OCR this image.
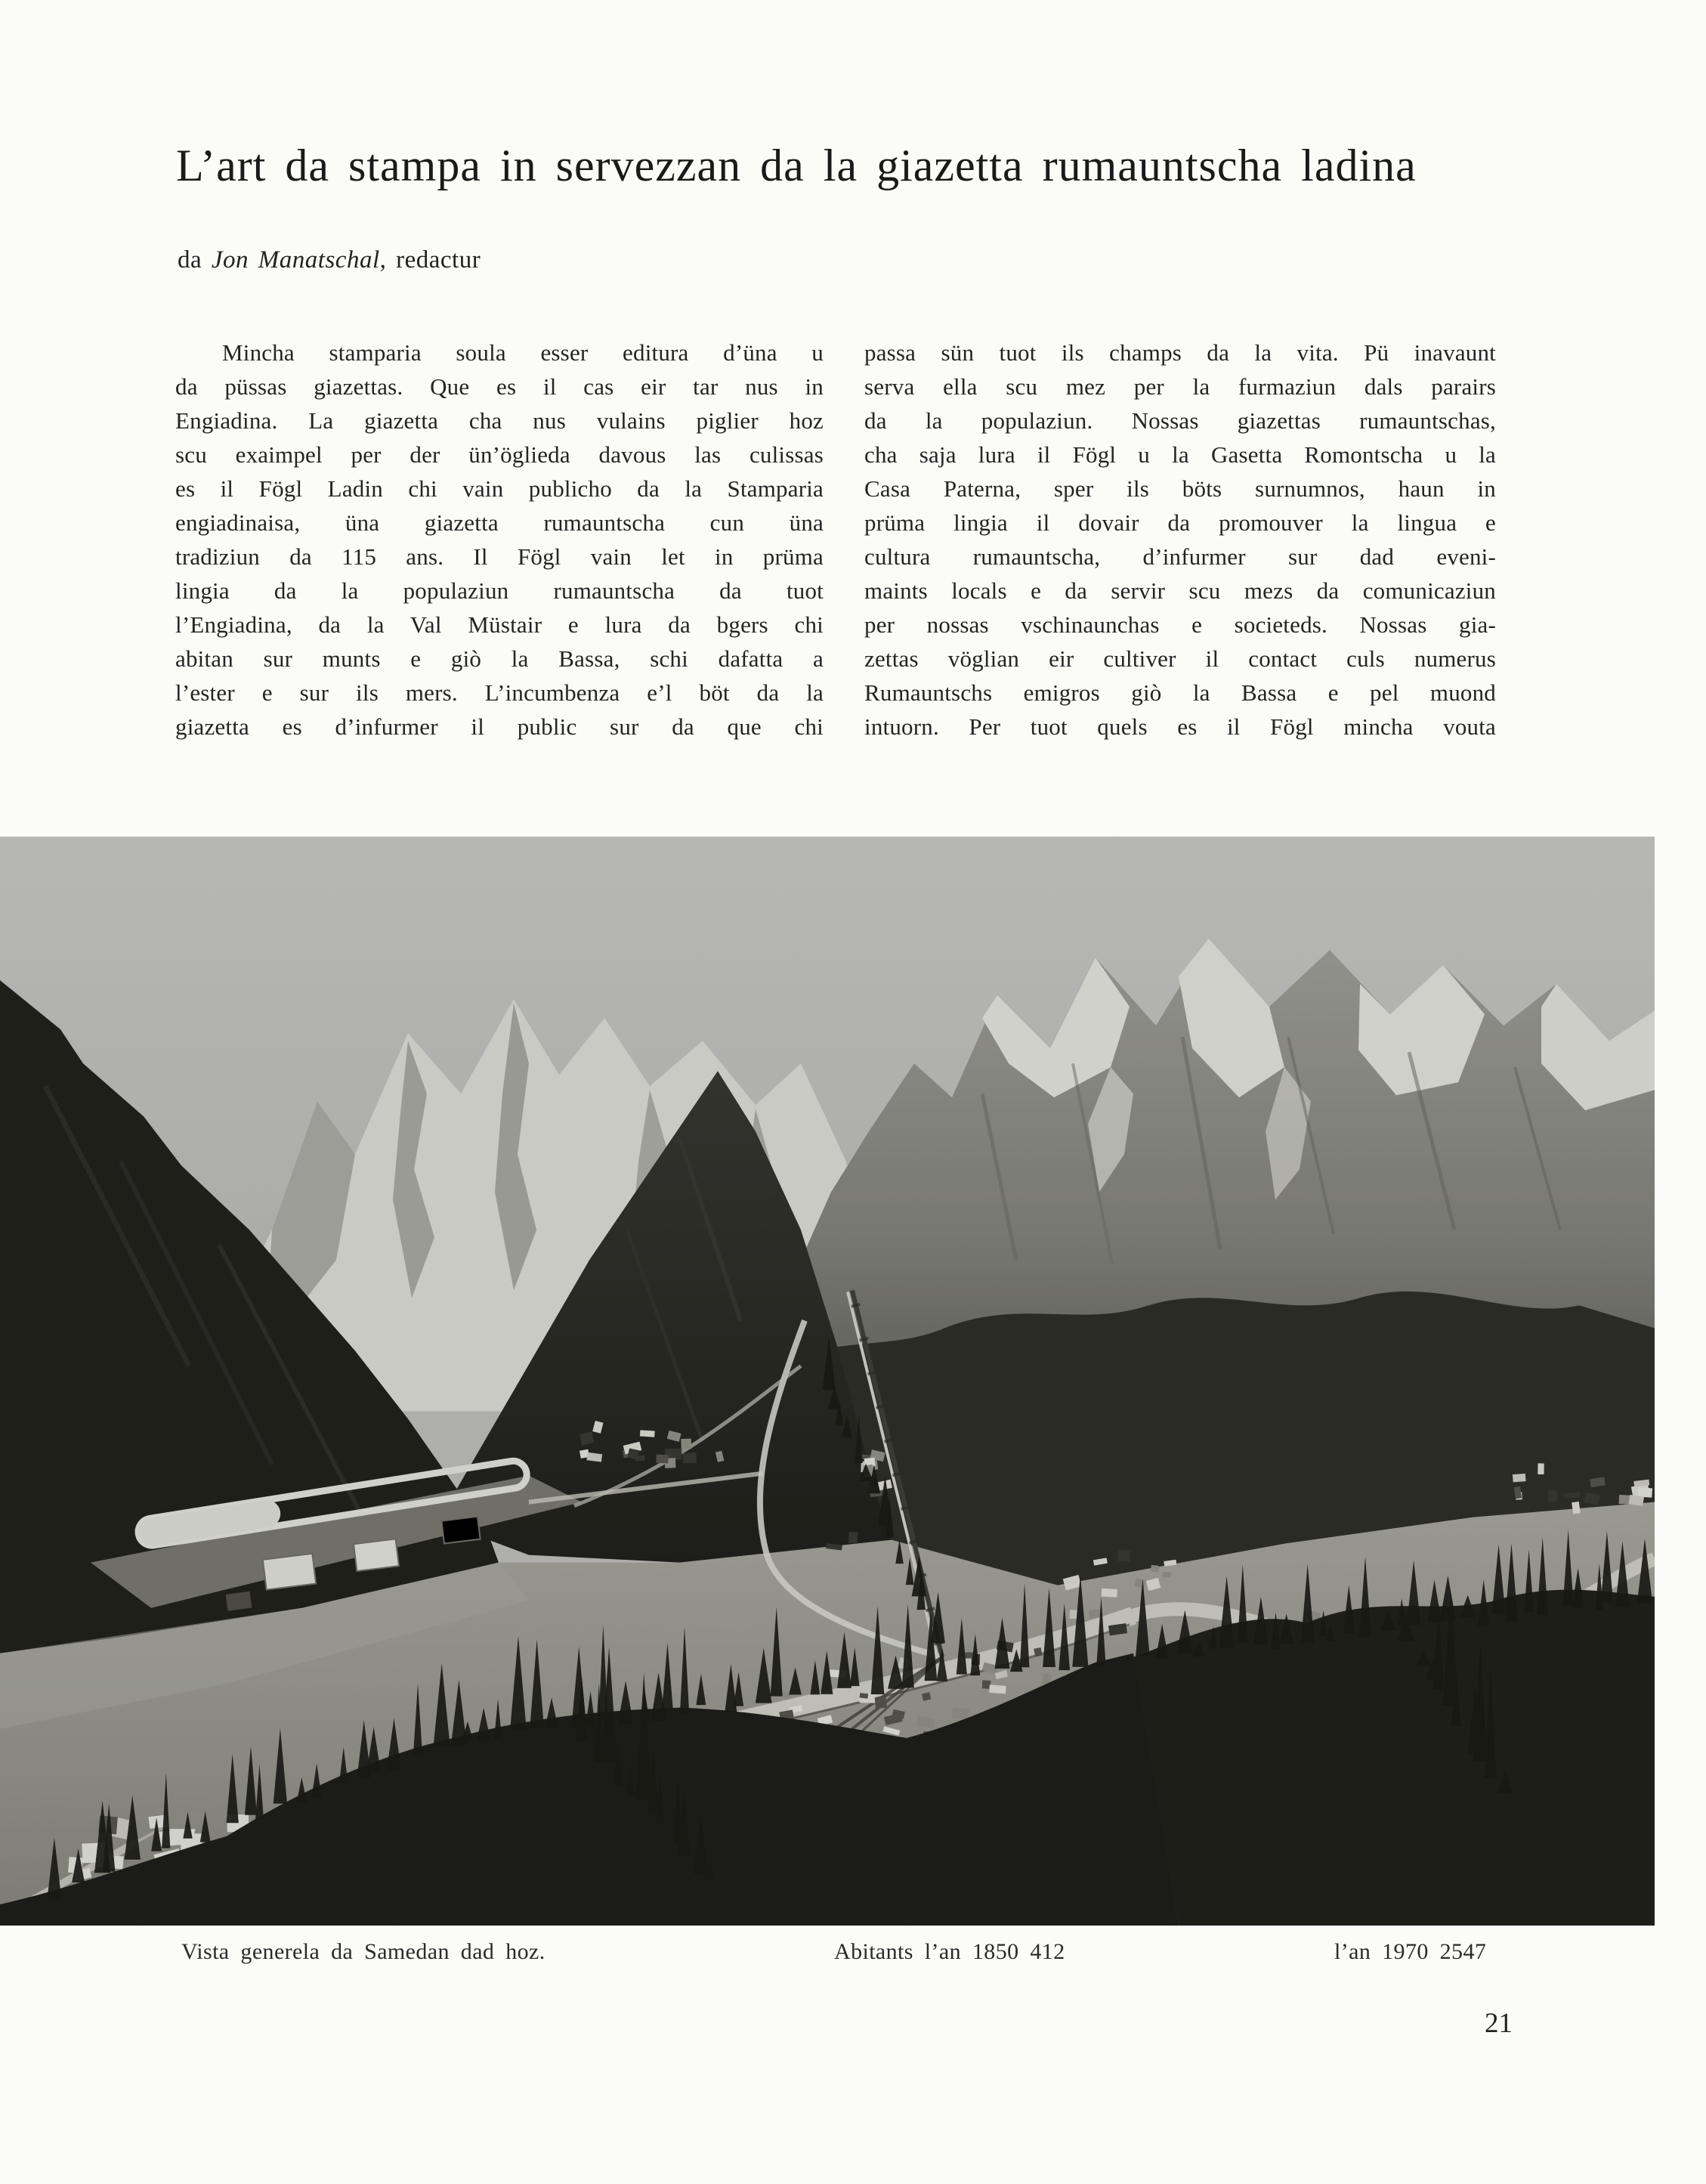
L’art da stampa in servezzan da la giazetta rumauntscha ladina

da Jon Manatschal, redactur

Mincha stamparia soula esser editura d’üna u
da püssas giazettas. Que es il cas eir tar nus in
Engiadina. La giazetta cha nus vulains piglier hoz
scu exaimpel per der ün’öglieda davous las culissas
es il Fögl Ladin chi vain publicho da la Stamparia
engiadinaisa, üna giazetta rumauntscha cun üna
tradiziun da 115 ans. Il Fögl vain let in prüma
lingia da la populaziun rumauntscha da tuot
l’Engiadina, da la Val Müstair e lura da bgers chi
abitan sur munts e giò la Bassa, schi dafatta a
l’ester e sur ils mers. L’incumbenza e’l böt da la
giazetta es d’infurmer il public sur da que chi
passa sün tuot ils champs da la vita. Pü inavaunt
serva ella scu mez per la furmaziun dals parairs
da la populaziun. Nossas giazettas rumauntschas,
cha saja lura il Fögl u la Gasetta Romontscha u la
Casa Paterna, sper ils böts surnumnos, haun in
prüma lingia il dovair da promouver la lingua e
cultura rumauntscha, d’infurmer sur dad eveni-
maints locals e da servir scu mezs da comunicaziun
per nossas vschinaunchas e societeds. Nossas gia-
zettas vöglian eir cultiver il contact culs numerus
Rumauntschs emigros giò la Bassa e pel muond
intuorn. Per tuot quels es il Fögl mincha vouta
Vista generela da Samedan dad hoz.	Abitants l’an 1850 412	l’an 1970 2547
21
